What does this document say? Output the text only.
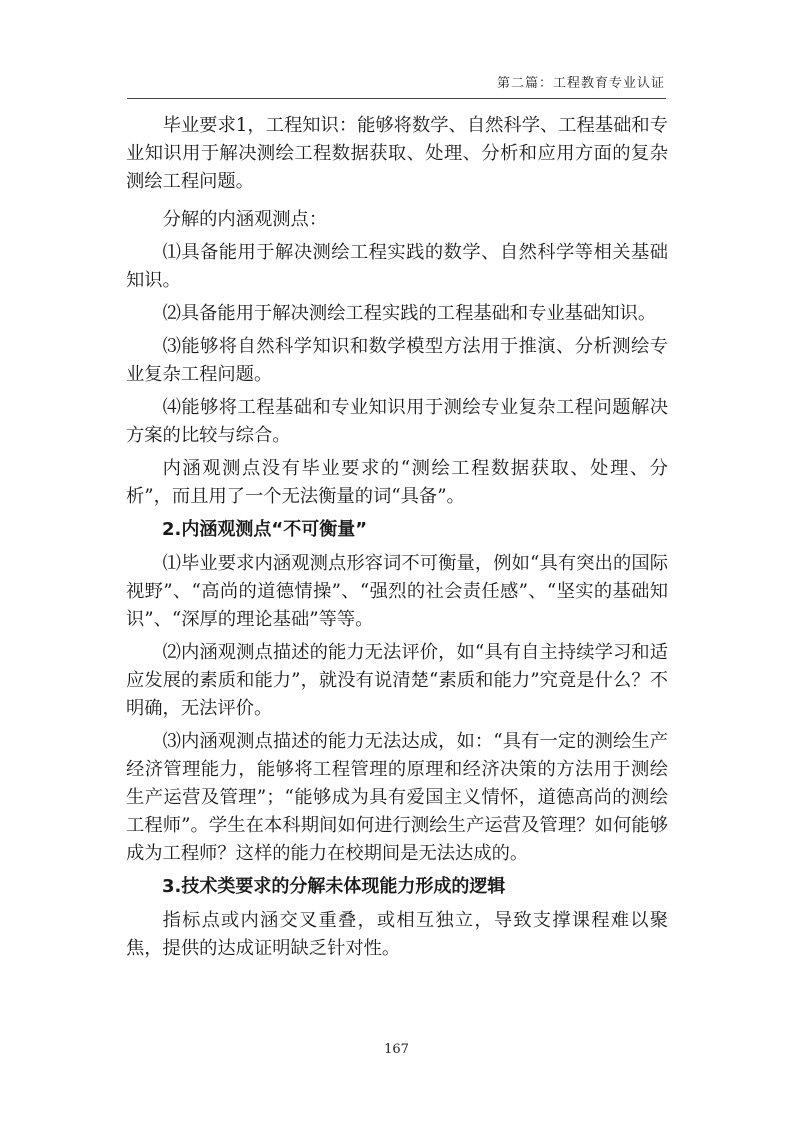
第二篇：工程教育专业认证

毕业要求1，工程知识：能够将数学、自然科学、工程基础和专业知识用于解决测绘工程数据获取、处理、分析和应用方面的复杂测绘工程问题。

分解的内涵观测点：

⑴具备能用于解决测绘工程实践的数学、自然科学等相关基础知识。

⑵具备能用于解决测绘工程实践的工程基础和专业基础知识。

⑶能够将自然科学知识和数学模型方法用于推演、分析测绘专业复杂工程问题。

⑷能够将工程基础和专业知识用于测绘专业复杂工程问题解决方案的比较与综合。

内涵观测点没有毕业要求的“测绘工程数据获取、处理、分析”，而且用了一个无法衡量的词“具备”。

2.内涵观测点“不可衡量”

⑴毕业要求内涵观测点形容词不可衡量，例如“具有突出的国际视野”、“高尚的道德情操”、“强烈的社会责任感”、“坚实的基础知识”、“深厚的理论基础”等等。

⑵内涵观测点描述的能力无法评价，如“具有自主持续学习和适应发展的素质和能力”，就没有说清楚“素质和能力”究竟是什么？不明确，无法评价。

⑶内涵观测点描述的能力无法达成，如：“具有一定的测绘生产经济管理能力，能够将工程管理的原理和经济决策的方法用于测绘生产运营及管理”；“能够成为具有爱国主义情怀，道德高尚的测绘工程师”。学生在本科期间如何进行测绘生产运营及管理？如何能够成为工程师？这样的能力在校期间是无法达成的。

3.技术类要求的分解未体现能力形成的逻辑

指标点或内涵交叉重叠，或相互独立，导致支撑课程难以聚焦，提供的达成证明缺乏针对性。

167
